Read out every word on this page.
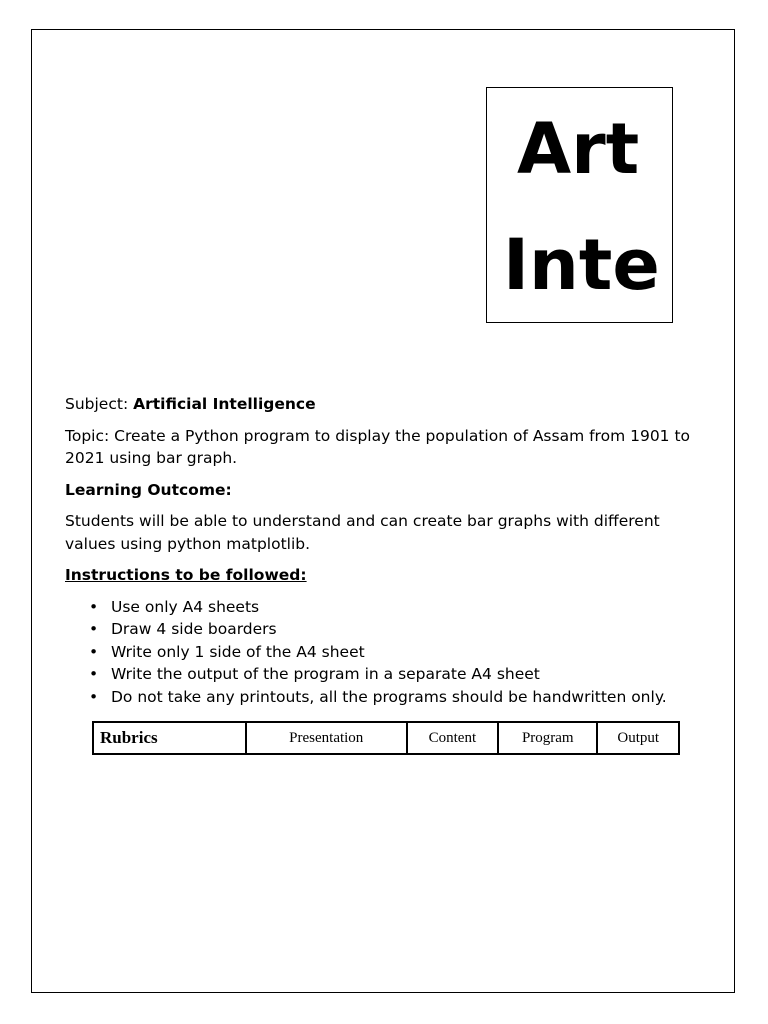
Art
Inte

Subject: Artificial Intelligence

Topic: Create a Python program to display the population of Assam from 1901 to 2021 using bar graph.

Learning Outcome:

Students will be able to understand and can create bar graphs with different values using python matplotlib.

Instructions to be followed:

• Use only A4 sheets
• Draw 4 side boarders
• Write only 1 side of the A4 sheet
• Write the output of the program in a separate A4 sheet
• Do not take any printouts, all the programs should be handwritten only.
Rubrics	Presentation	Content	Program	Output
